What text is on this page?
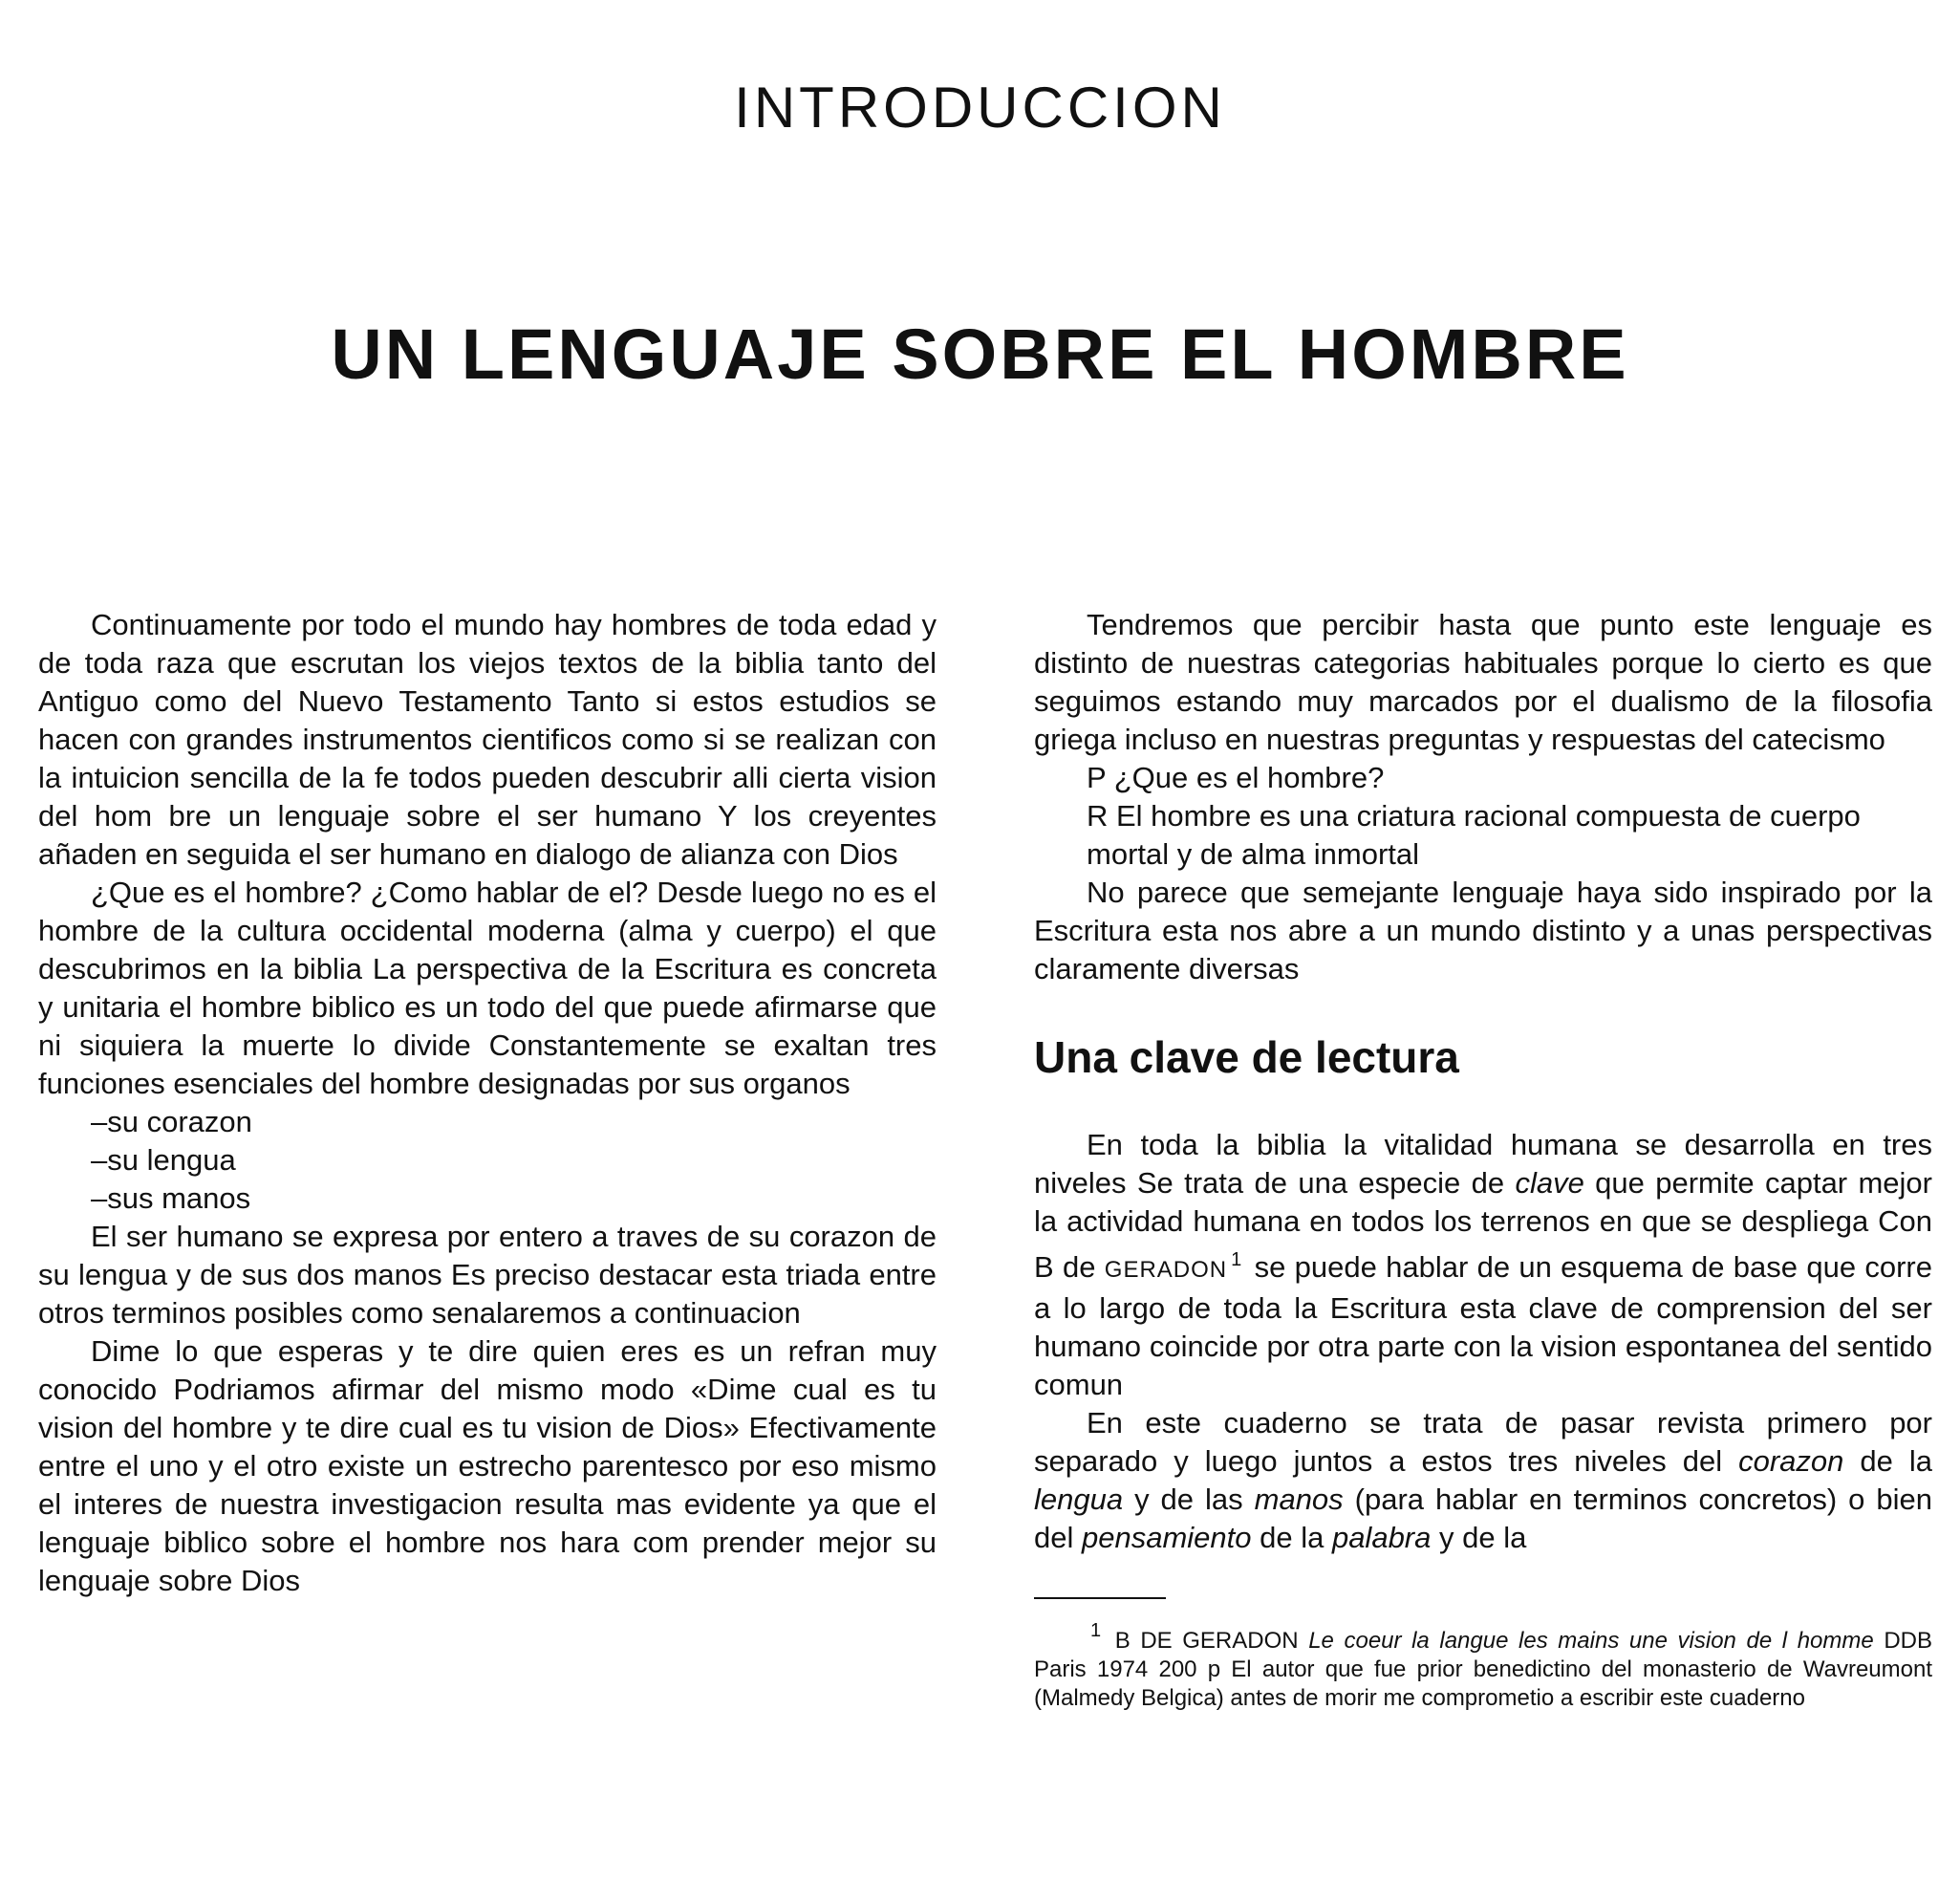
INTRODUCCION
UN LENGUAJE SOBRE EL HOMBRE

Continuamente por todo el mundo hay hombres de toda edad y de toda raza que escrutan los viejos textos de la biblia tanto del Antiguo como del Nuevo Testamento Tanto si estos estudios se hacen con grandes instrumentos cientificos como si se realizan con la intuicion sencilla de la fe todos pueden descubrir alli cierta vision del hom bre un lenguaje sobre el ser humano Y los creyentes añaden en seguida el ser humano en dialogo de alianza con Dios

¿Que es el hombre? ¿Como hablar de el? Desde luego no es el hombre de la cultura occidental moderna (alma y cuerpo) el que descubrimos en la biblia La perspectiva de la Escritura es concreta y unitaria el hombre biblico es un todo del que puede afirmarse que ni siquiera la muerte lo divide Constantemente se exaltan tres funciones esenciales del hombre designadas por sus organos

–su corazon

–su lengua

–sus manos

El ser humano se expresa por entero a traves de su corazon de su lengua y de sus dos manos Es preciso destacar esta triada entre otros terminos posibles como senalaremos a continuacion

Dime lo que esperas y te dire quien eres es un refran muy conocido Podriamos afirmar del mismo modo «Dime cual es tu vision del hombre y te dire cual es tu vision de Dios» Efectivamente entre el uno y el otro existe un estrecho parentesco por eso mismo el interes de nuestra investigacion resulta mas evidente ya que el lenguaje biblico sobre el hombre nos hara com prender mejor su lenguaje sobre Dios

Tendremos que percibir hasta que punto este lenguaje es distinto de nuestras categorias habituales porque lo cierto es que seguimos estando muy marcados por el dualismo de la filosofia griega incluso en nuestras preguntas y respuestas del catecismo

P ¿Que es el hombre?

R El hombre es una criatura racional compuesta de cuerpo mortal y de alma inmortal

No parece que semejante lenguaje haya sido inspirado por la Escritura esta nos abre a un mundo distinto y a unas perspectivas claramente diversas

Una clave de lectura

En toda la biblia la vitalidad humana se desarrolla en tres niveles Se trata de una especie de clave que permite captar mejor la actividad humana en todos los terrenos en que se despliega Con B de GERADON $^1$ se puede hablar de un esquema de base que corre a lo largo de toda la Escritura esta clave de comprension del ser humano coincide por otra parte con la vision espontanea del sentido comun

En este cuaderno se trata de pasar revista primero por separado y luego juntos a estos tres niveles del corazon de la lengua y de las manos (para hablar en terminos concretos) o bien del pensamiento de la palabra y de la

$^1$ B DE GERADON Le coeur la langue les mains une vision de l homme DDB Paris 1974 200 p El autor que fue prior benedictino del monasterio de Wavreumont (Malmedy Belgica) antes de morir me comprometio a escribir este cuaderno
